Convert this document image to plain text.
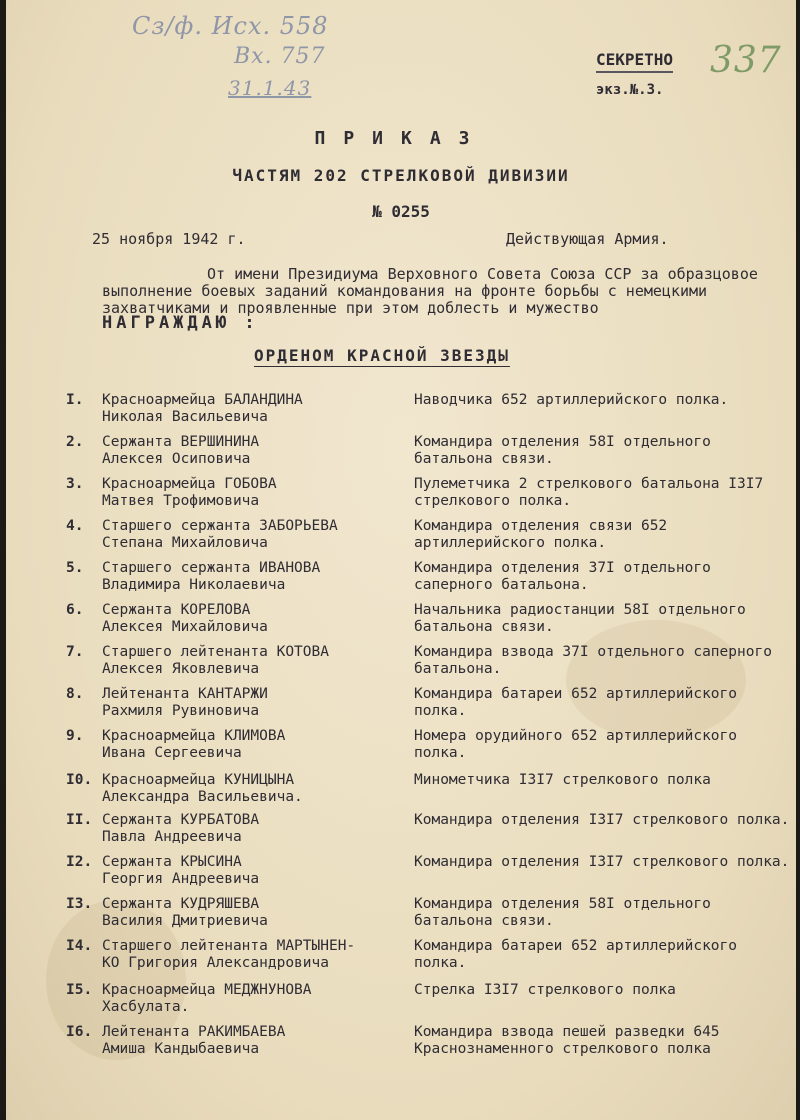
Сз/ф. Исх. 558
Вх. 757
31.1.43
337
СЕКРЕТНО
экз.№.3.
ПРИКАЗ
ЧАСТЯМ 202 СТРЕЛКОВОЙ ДИВИЗИИ
№ 0255
25 ноября 1942 г.	Действующая Армия.
От имени Президиума Верховного Совета Союза ССР за образцовое выполнение боевых заданий командования на фронте борьбы с немецкими захватчиками и проявленные при этом доблесть и мужество
НАГРАЖДАЮ :
ОРДЕНОМ КРАСНОЙ ЗВЕЗДЫ
I. Красноармейца БАЛАНДИНА
Николая Васильевича
Наводчика 652 артиллерийского полка.
2. Сержанта ВЕРШИНИНА
Алексея Осиповича
Командира отделения 58I отдельного батальона связи.
3. Красноармейца ГОБОВА
Матвея Трофимовича
Пулеметчика 2 стрелкового батальона I3I7 стрелкового полка.
4. Старшего сержанта ЗАБОРЬЕВА
Степана Михайловича
Командира отделения связи 652 артиллерийского полка.
5. Старшего сержанта ИВАНОВА
Владимира Николаевича
Командира отделения 37I отдельного саперного батальона.
6. Сержанта КОРЕЛОВА
Алексея Михайловича
Начальника радиостанции 58I отдельного батальона связи.
7. Старшего лейтенанта КОТОВА
Алексея Яковлевича
Командира взвода 37I отдельного саперного батальона.
8. Лейтенанта КАНТАРЖИ
Рахмиля Рувиновича
Командира батареи 652 артиллерийского полка.
9. Красноармейца КЛИМОВА
Ивана Сергеевича
Номера орудийного 652 артиллерийского полка.
I0. Красноармейца КУНИЦЫНА
Александра Васильевича.
Минометчика I3I7 стрелкового полка
II. Сержанта КУРБАТОВА
Павла Андреевича
Командира отделения I3I7 стрелкового полка.
I2. Сержанта КРЫСИНА
Георгия Андреевича
Командира отделения I3I7 стрелкового полка.
I3. Сержанта КУДРЯШЕВА
Василия Дмитриевича
Командира отделения 58I отдельного батальона связи.
I4. Старшего лейтенанта МАРТЫНЕН-
КО Григория Александровича
Командира батареи 652 артиллерийского полка.
I5. Красноармейца МЕДЖНУНОВА
Хасбулата.
Стрелка I3I7 стрелкового полка
I6. Лейтенанта РАКИМБАЕВА
Амиша Кандыбаевича
Командира взвода пешей разведки 645 Краснознаменного стрелкового полка
